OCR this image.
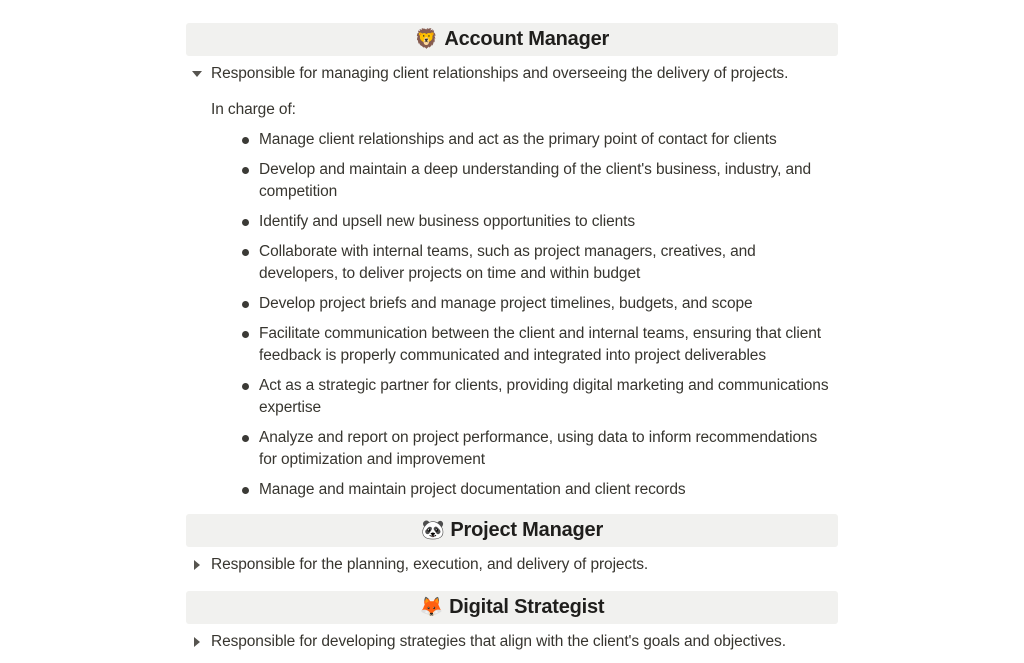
🦁 Account Manager
Responsible for managing client relationships and overseeing the delivery of projects.
In charge of:
Manage client relationships and act as the primary point of contact for clients
Develop and maintain a deep understanding of the client's business, industry, and competition
Identify and upsell new business opportunities to clients
Collaborate with internal teams, such as project managers, creatives, and developers, to deliver projects on time and within budget
Develop project briefs and manage project timelines, budgets, and scope
Facilitate communication between the client and internal teams, ensuring that client feedback is properly communicated and integrated into project deliverables
Act as a strategic partner for clients, providing digital marketing and communications expertise
Analyze and report on project performance, using data to inform recommendations for optimization and improvement
Manage and maintain project documentation and client records
🐼 Project Manager
Responsible for the planning, execution, and delivery of projects.
🦊 Digital Strategist
Responsible for developing strategies that align with the client's goals and objectives.
